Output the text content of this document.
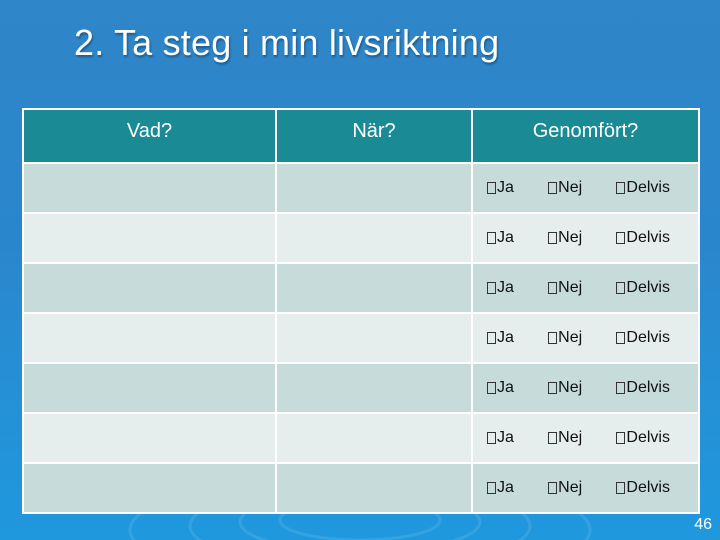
2. Ta steg i min livsriktning
Vad?	När?	Genomfört?

		Ja Nej Delvis

		Ja Nej Delvis

		Ja Nej Delvis

		Ja Nej Delvis

		Ja Nej Delvis

		Ja Nej Delvis

		Ja Nej Delvis
46
